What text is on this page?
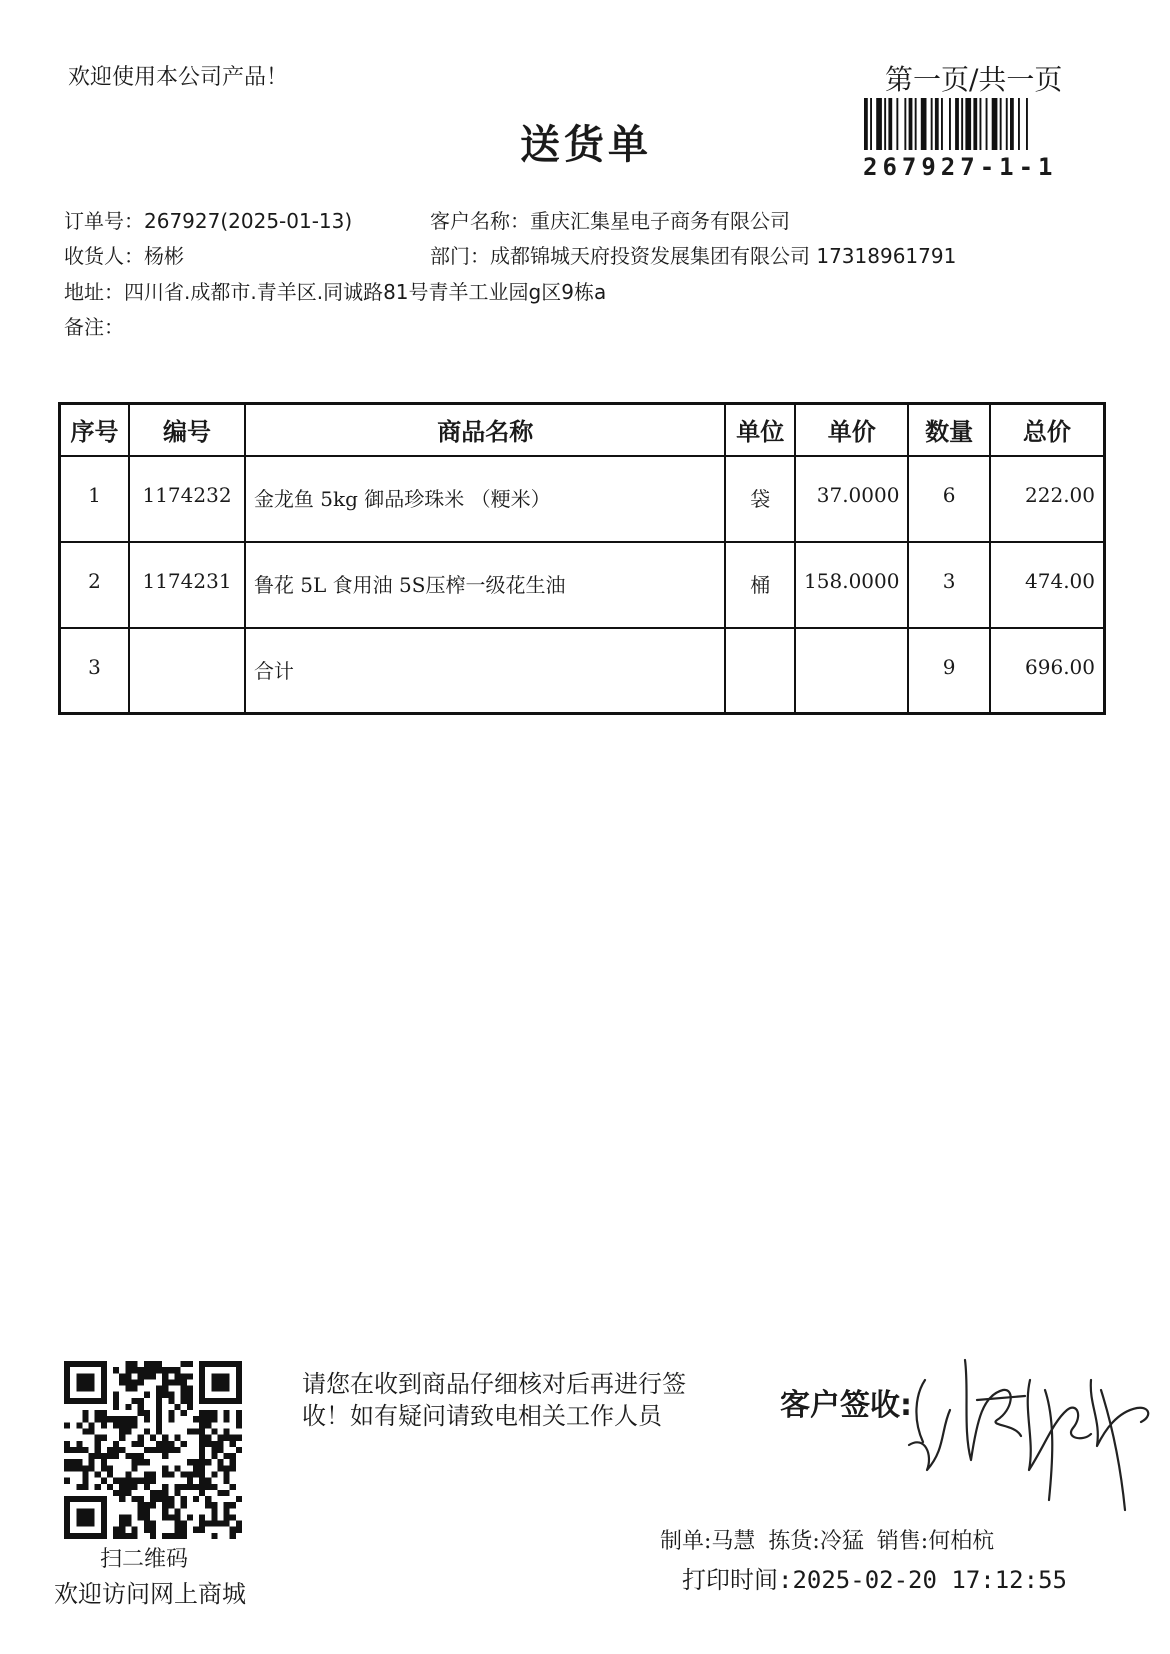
欢迎使用本公司产品！	第一页/共一页
送货单	267927-1-1
订单号：267927(2025-01-13)	客户名称：重庆汇集星电子商务有限公司
收货人：杨彬	部门：成都锦城天府投资发展集团有限公司 17318961791
地址：四川省.成都市.青羊区.同诚路81号青羊工业园g区9栋a
备注：
序号	编号	商品名称	单位	单价	数量	总价
1	1174232	金龙鱼 5kg 御品珍珠米 （粳米）	袋	37.0000	6	222.00
2	1174231	鲁花 5L 食用油 5S压榨一级花生油	桶	158.0000	3	474.00
3		合计			9	696.00
扫二维码
欢迎访问网上商城
请您在收到商品仔细核对后再进行签收！如有疑问请致电相关工作人员	客户签收:
制单:马慧 拣货:冷猛 销售:何柏杭
打印时间:2025-02-20 17:12:55
